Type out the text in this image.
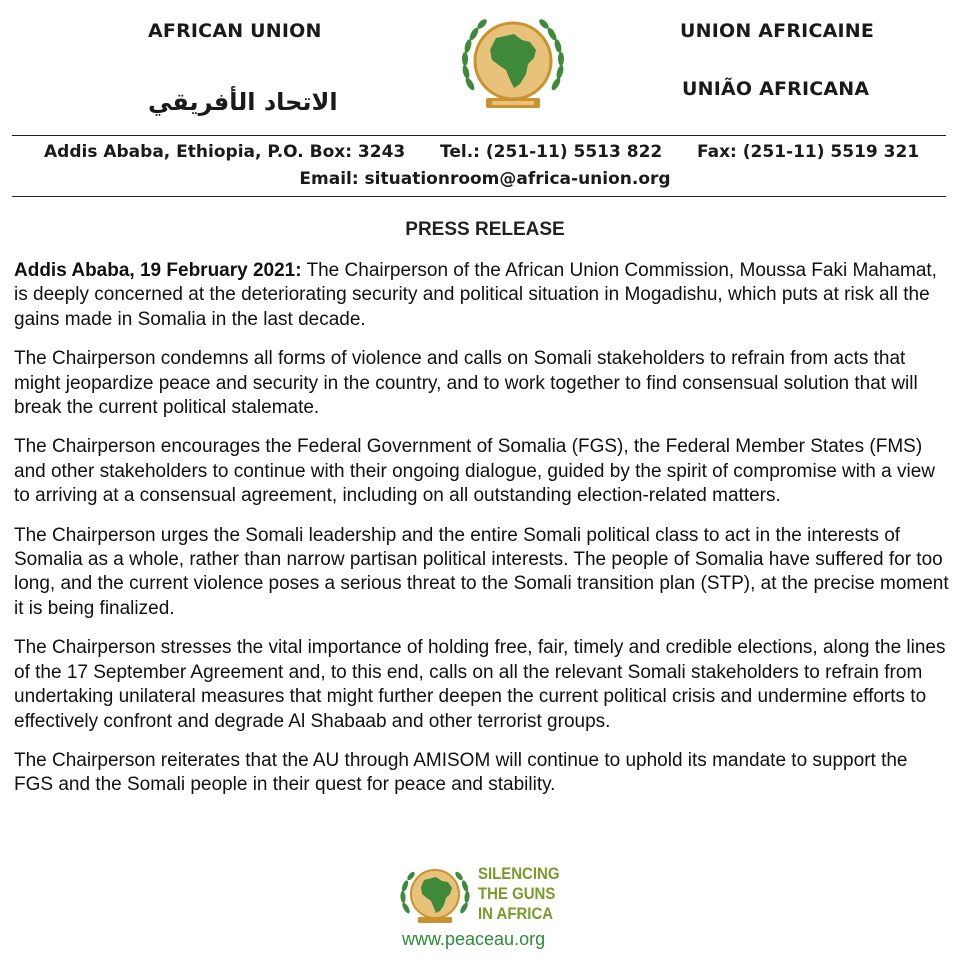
AFRICAN UNION
الاتحاد الأفريقي
UNION AFRICAINE
UNIÃO AFRICANA
Addis Ababa, Ethiopia, P.O. Box: 3243 Tel.: (251-11) 5513 822 Fax: (251-11) 5519 321
Email: situationroom@africa-union.org
PRESS RELEASE

Addis Ababa, 19 February 2021: The Chairperson of the African Union Commission, Moussa Faki Mahamat, is deeply concerned at the deteriorating security and political situation in Mogadishu, which puts at risk all the gains made in Somalia in the last decade.

The Chairperson condemns all forms of violence and calls on Somali stakeholders to refrain from acts that might jeopardize peace and security in the country, and to work together to find consensual solution that will break the current political stalemate.

The Chairperson encourages the Federal Government of Somalia (FGS), the Federal Member States (FMS) and other stakeholders to continue with their ongoing dialogue, guided by the spirit of compromise with a view to arriving at a consensual agreement, including on all outstanding election-related matters.

The Chairperson urges the Somali leadership and the entire Somali political class to act in the interests of Somalia as a whole, rather than narrow partisan political interests. The people of Somalia have suffered for too long, and the current violence poses a serious threat to the Somali transition plan (STP), at the precise moment it is being finalized.

The Chairperson stresses the vital importance of holding free, fair, timely and credible elections, along the lines of the 17 September Agreement and, to this end, calls on all the relevant Somali stakeholders to refrain from undertaking unilateral measures that might further deepen the current political crisis and undermine efforts to effectively confront and degrade Al Shabaab and other terrorist groups.

The Chairperson reiterates that the AU through AMISOM will continue to uphold its mandate to support the FGS and the Somali people in their quest for peace and stability.

SILENCING
THE GUNS
IN AFRICA
www.peaceau.org
